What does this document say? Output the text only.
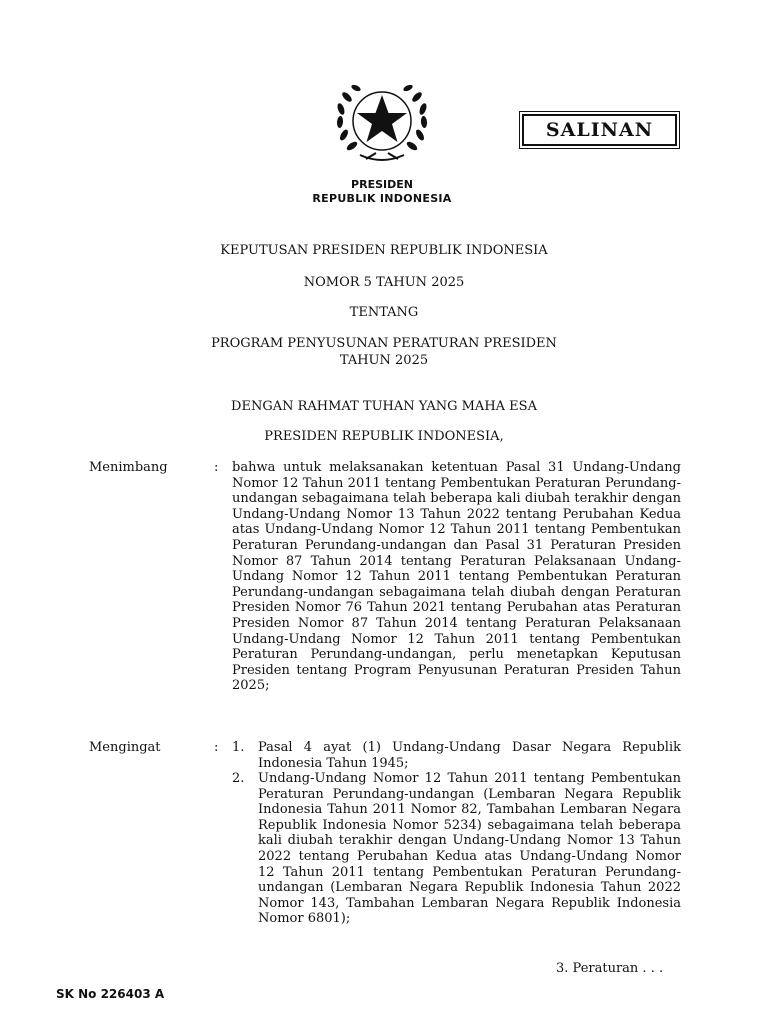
SALINAN
PRESIDEN
REPUBLIK INDONESIA
KEPUTUSAN PRESIDEN REPUBLIK INDONESIA
NOMOR 5 TAHUN 2025
TENTANG
PROGRAM PENYUSUNAN PERATURAN PRESIDEN
TAHUN 2025
DENGAN RAHMAT TUHAN YANG MAHA ESA
PRESIDEN REPUBLIK INDONESIA,
Menimbang	: bahwa untuk melaksanakan ketentuan Pasal 31 Undang-Undang Nomor 12 Tahun 2011 tentang Pembentukan Peraturan Perundang-undangan sebagaimana telah beberapa kali diubah terakhir dengan Undang-Undang Nomor 13 Tahun 2022 tentang Perubahan Kedua atas Undang-Undang Nomor 12 Tahun 2011 tentang Pembentukan Peraturan Perundang-undangan dan Pasal 31 Peraturan Presiden Nomor 87 Tahun 2014 tentang Peraturan Pelaksanaan Undang-Undang Nomor 12 Tahun 2011 tentang Pembentukan Peraturan Perundang-undangan sebagaimana telah diubah dengan Peraturan Presiden Nomor 76 Tahun 2021 tentang Perubahan atas Peraturan Presiden Nomor 87 Tahun 2014 tentang Peraturan Pelaksanaan Undang-Undang Nomor 12 Tahun 2011 tentang Pembentukan Peraturan Perundang-undangan, perlu menetapkan Keputusan Presiden tentang Program Penyusunan Peraturan Presiden Tahun 2025;
Mengingat	: 1. Pasal 4 ayat (1) Undang-Undang Dasar Negara Republik Indonesia Tahun 1945;
2. Undang-Undang Nomor 12 Tahun 2011 tentang Pembentukan Peraturan Perundang-undangan (Lembaran Negara Republik Indonesia Tahun 2011 Nomor 82, Tambahan Lembaran Negara Republik Indonesia Nomor 5234) sebagaimana telah beberapa kali diubah terakhir dengan Undang-Undang Nomor 13 Tahun 2022 tentang Perubahan Kedua atas Undang-Undang Nomor 12 Tahun 2011 tentang Pembentukan Peraturan Perundang-undangan (Lembaran Negara Republik Indonesia Tahun 2022 Nomor 143, Tambahan Lembaran Negara Republik Indonesia Nomor 6801);
3. Peraturan . . .
SK No 226403 A
